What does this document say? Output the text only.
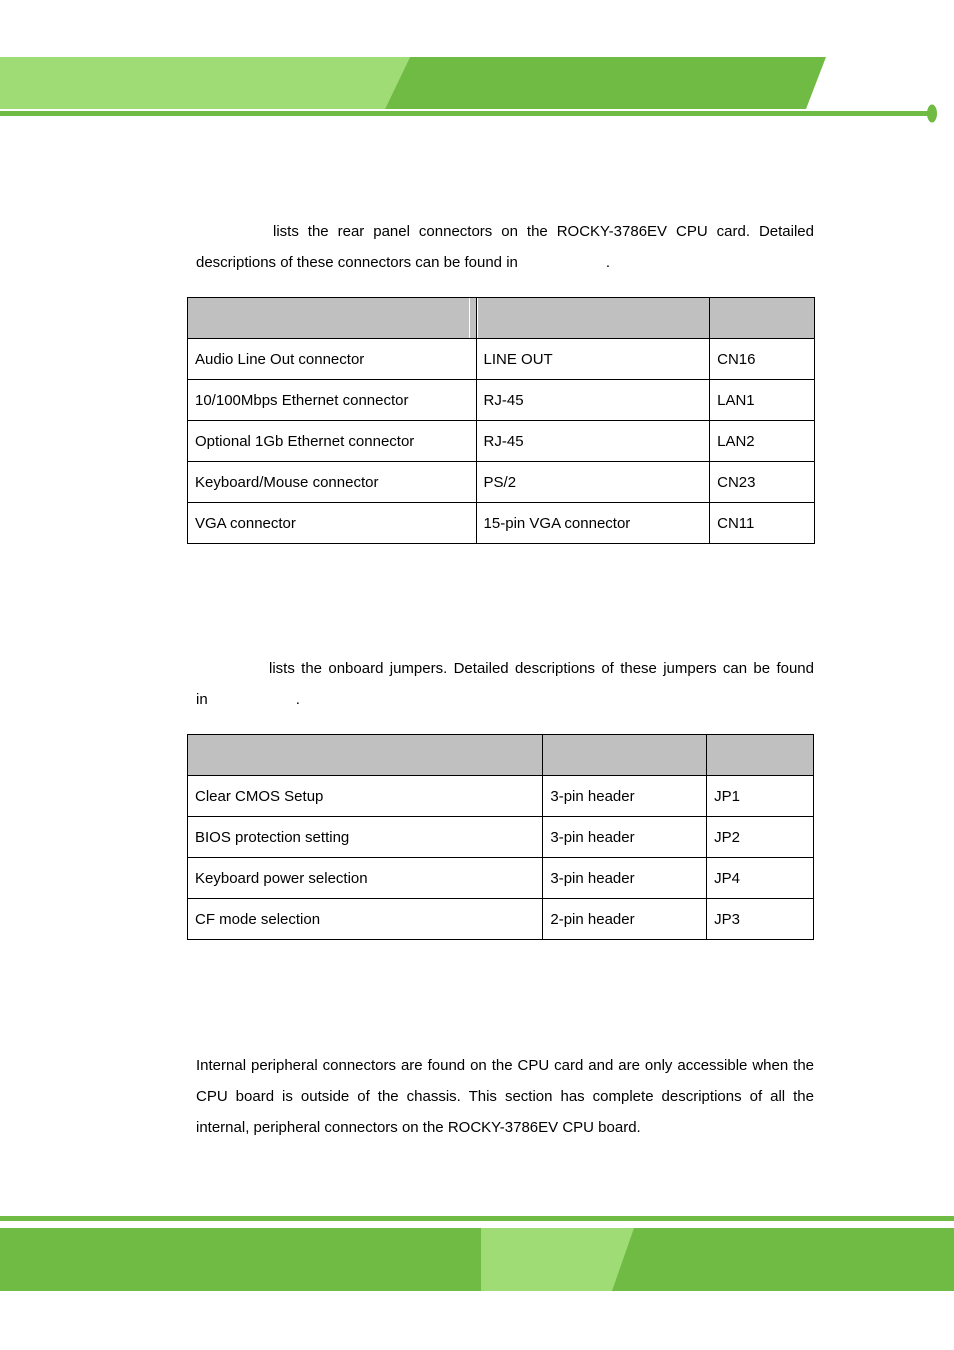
lists the rear panel connectors on the ROCKY-3786EV CPU card. Detailed
descriptions of these connectors can be found in	.

Audio Line Out connector	LINE OUT	CN16
10/100Mbps Ethernet connector	RJ-45	LAN1
Optional 1Gb Ethernet connector	RJ-45	LAN2
Keyboard/Mouse connector	PS/2	CN23
VGA connector	15-pin VGA connector	CN11
lists the onboard jumpers. Detailed descriptions of these jumpers can be found
in	.

Clear CMOS Setup	3-pin header	JP1
BIOS protection setting	3-pin header	JP2
Keyboard power selection	3-pin header	JP4
CF mode selection	2-pin header	JP3
Internal peripheral connectors are found on the CPU card and are only accessible when the CPU board is outside of the chassis. This section has complete descriptions of all the internal, peripheral connectors on the ROCKY-3786EV CPU board.
